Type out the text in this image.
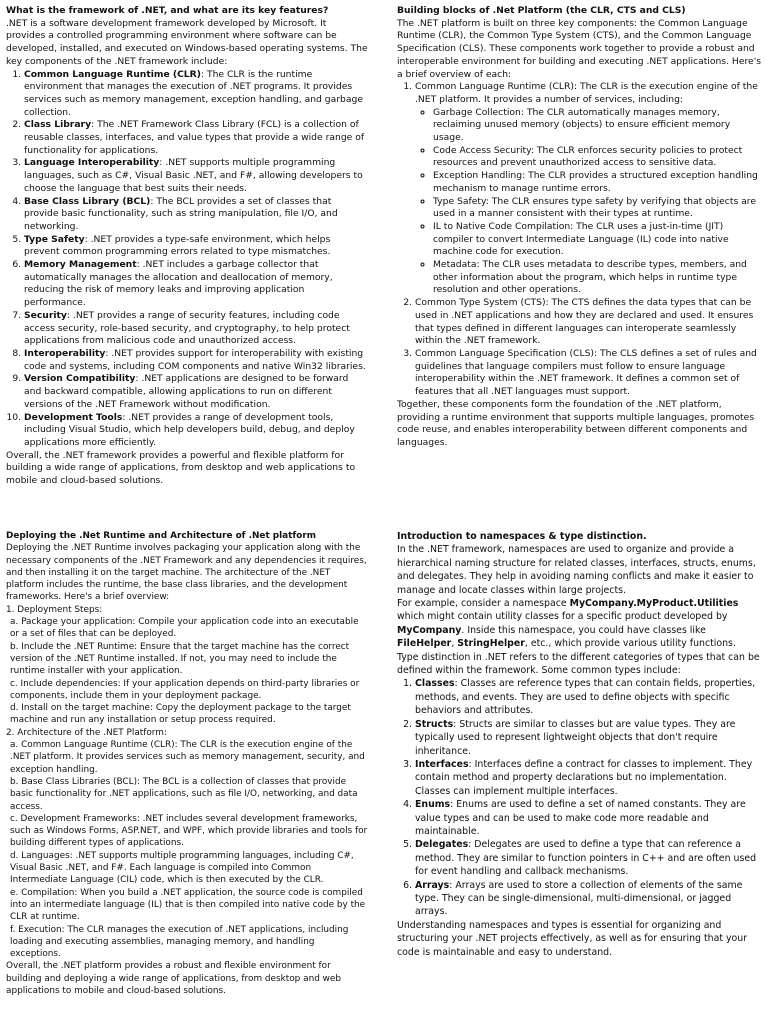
What is the framework of .NET, and what are its key features?

.NET is a software development framework developed by Microsoft. It provides a controlled programming environment where software can be developed, installed, and executed on Windows-based operating systems. The key components of the .NET framework include:

1. Common Language Runtime (CLR): The CLR is the runtime environment that manages the execution of .NET programs. It provides services such as memory management, exception handling, and garbage collection.
2. Class Library: The .NET Framework Class Library (FCL) is a collection of reusable classes, interfaces, and value types that provide a wide range of functionality for applications.
3. Language Interoperability: .NET supports multiple programming languages, such as C#, Visual Basic .NET, and F#, allowing developers to choose the language that best suits their needs.
4. Base Class Library (BCL): The BCL provides a set of classes that provide basic functionality, such as string manipulation, file I/O, and networking.
5. Type Safety: .NET provides a type-safe environment, which helps prevent common programming errors related to type mismatches.
6. Memory Management: .NET includes a garbage collector that automatically manages the allocation and deallocation of memory, reducing the risk of memory leaks and improving application performance.
7. Security: .NET provides a range of security features, including code access security, role-based security, and cryptography, to help protect applications from malicious code and unauthorized access.
8. Interoperability: .NET provides support for interoperability with existing code and systems, including COM components and native Win32 libraries.
9. Version Compatibility: .NET applications are designed to be forward and backward compatible, allowing applications to run on different versions of the .NET Framework without modification.
10. Development Tools: .NET provides a range of development tools, including Visual Studio, which help developers build, debug, and deploy applications more efficiently.

Overall, the .NET framework provides a powerful and flexible platform for building a wide range of applications, from desktop and web applications to mobile and cloud-based solutions.

Building blocks of .Net Platform (the CLR, CTS and CLS)

The .NET platform is built on three key components: the Common Language Runtime (CLR), the Common Type System (CTS), and the Common Language Specification (CLS). These components work together to provide a robust and interoperable environment for building and executing .NET applications. Here's a brief overview of each:

1. Common Language Runtime (CLR): The CLR is the execution engine of the .NET platform. It provides a number of services, including:
◦ Garbage Collection: The CLR automatically manages memory, reclaiming unused memory (objects) to ensure efficient memory usage.
◦ Code Access Security: The CLR enforces security policies to protect resources and prevent unauthorized access to sensitive data.
◦ Exception Handling: The CLR provides a structured exception handling mechanism to manage runtime errors.
◦ Type Safety: The CLR ensures type safety by verifying that objects are used in a manner consistent with their types at runtime.
◦ IL to Native Code Compilation: The CLR uses a just-in-time (JIT) compiler to convert Intermediate Language (IL) code into native machine code for execution.
◦ Metadata: The CLR uses metadata to describe types, members, and other information about the program, which helps in runtime type resolution and other operations.
2. Common Type System (CTS): The CTS defines the data types that can be used in .NET applications and how they are declared and used. It ensures that types defined in different languages can interoperate seamlessly within the .NET framework.
3. Common Language Specification (CLS): The CLS defines a set of rules and guidelines that language compilers must follow to ensure language interoperability within the .NET framework. It defines a common set of features that all .NET languages must support.

Together, these components form the foundation of the .NET platform, providing a runtime environment that supports multiple languages, promotes code reuse, and enables interoperability between different components and languages.

Deploying the .Net Runtime and Architecture of .Net platform

Deploying the .NET Runtime involves packaging your application along with the necessary components of the .NET Framework and any dependencies it requires, and then installing it on the target machine. The architecture of the .NET platform includes the runtime, the base class libraries, and the development frameworks. Here's a brief overview:

1. Deployment Steps:

a. Package your application: Compile your application code into an executable or a set of files that can be deployed.

b. Include the .NET Runtime: Ensure that the target machine has the correct version of the .NET Runtime installed. If not, you may need to include the runtime installer with your application.

c. Include dependencies: If your application depends on third-party libraries or components, include them in your deployment package.

d. Install on the target machine: Copy the deployment package to the target machine and run any installation or setup process required.

2. Architecture of the .NET Platform:

a. Common Language Runtime (CLR): The CLR is the execution engine of the .NET platform. It provides services such as memory management, security, and exception handling.

b. Base Class Libraries (BCL): The BCL is a collection of classes that provide basic functionality for .NET applications, such as file I/O, networking, and data access.

c. Development Frameworks: .NET includes several development frameworks, such as Windows Forms, ASP.NET, and WPF, which provide libraries and tools for building different types of applications.

d. Languages: .NET supports multiple programming languages, including C#, Visual Basic .NET, and F#. Each language is compiled into Common Intermediate Language (CIL) code, which is then executed by the CLR.

e. Compilation: When you build a .NET application, the source code is compiled into an intermediate language (IL) that is then compiled into native code by the CLR at runtime.

f. Execution: The CLR manages the execution of .NET applications, including loading and executing assemblies, managing memory, and handling exceptions.

Overall, the .NET platform provides a robust and flexible environment for building and deploying a wide range of applications, from desktop and web applications to mobile and cloud-based solutions.

Introduction to namespaces & type distinction.

In the .NET framework, namespaces are used to organize and provide a hierarchical naming structure for related classes, interfaces, structs, enums, and delegates. They help in avoiding naming conflicts and make it easier to manage and locate classes within large projects.

For example, consider a namespace MyCompany.MyProduct.Utilities which might contain utility classes for a specific product developed by MyCompany. Inside this namespace, you could have classes like FileHelper, StringHelper, etc., which provide various utility functions.

Type distinction in .NET refers to the different categories of types that can be defined within the framework. Some common types include:

1. Classes: Classes are reference types that can contain fields, properties, methods, and events. They are used to define objects with specific behaviors and attributes.
2. Structs: Structs are similar to classes but are value types. They are typically used to represent lightweight objects that don't require inheritance.
3. Interfaces: Interfaces define a contract for classes to implement. They contain method and property declarations but no implementation. Classes can implement multiple interfaces.
4. Enums: Enums are used to define a set of named constants. They are value types and can be used to make code more readable and maintainable.
5. Delegates: Delegates are used to define a type that can reference a method. They are similar to function pointers in C++ and are often used for event handling and callback mechanisms.
6. Arrays: Arrays are used to store a collection of elements of the same type. They can be single-dimensional, multi-dimensional, or jagged arrays.

Understanding namespaces and types is essential for organizing and structuring your .NET projects effectively, as well as for ensuring that your code is maintainable and easy to understand.
